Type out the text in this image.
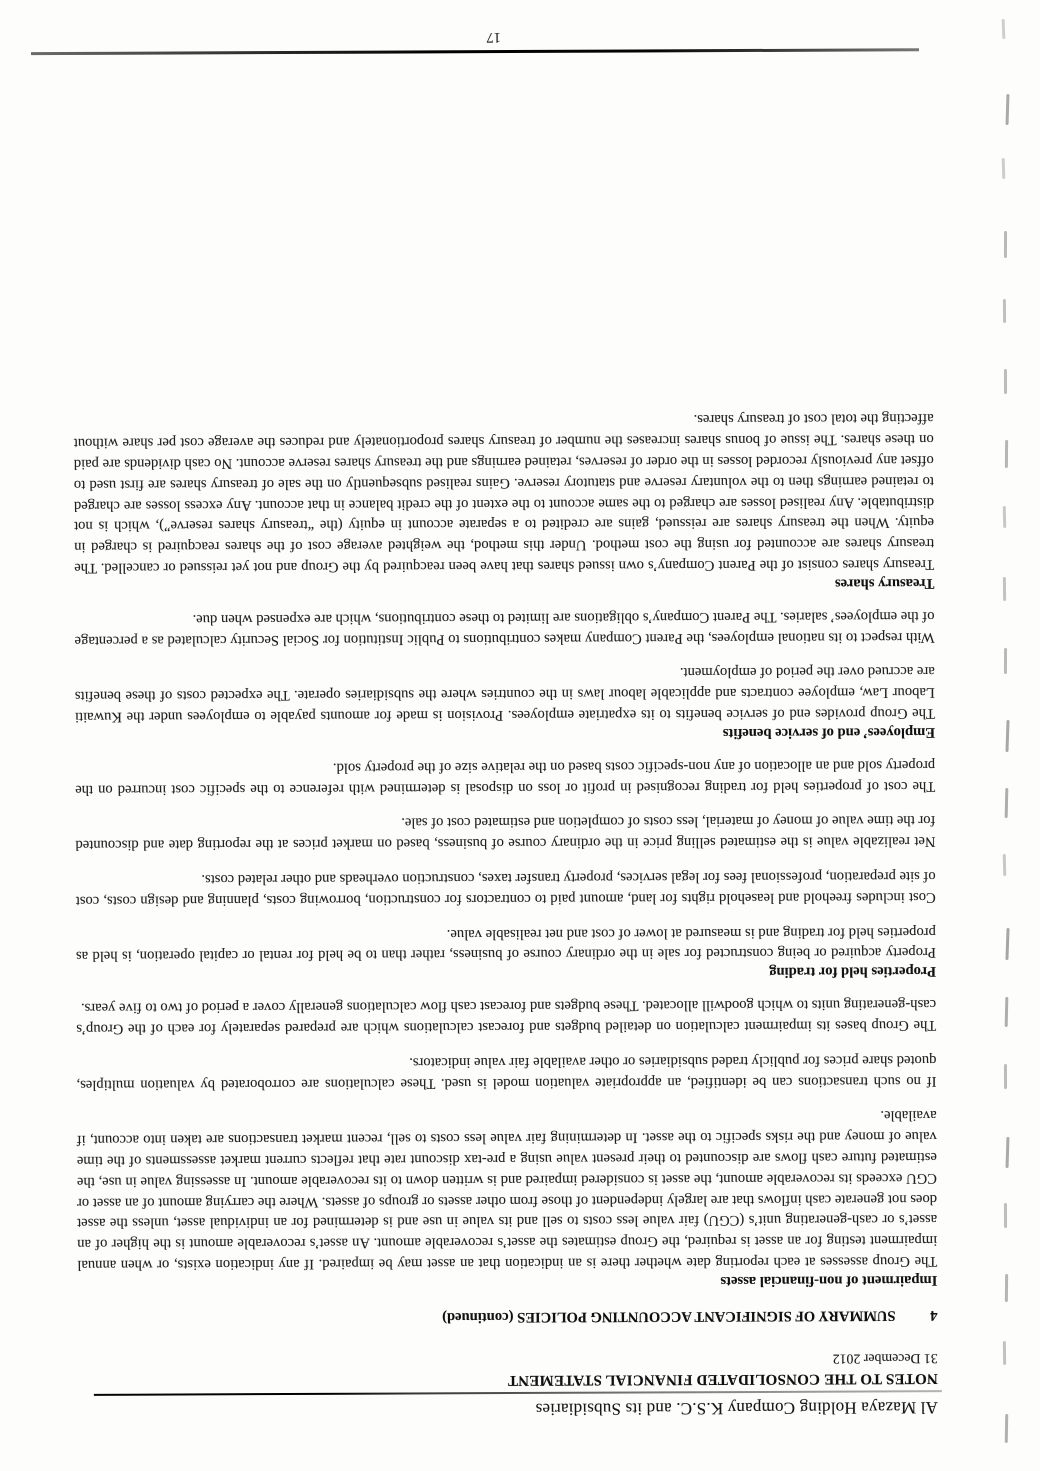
Al Mazaya Holding Company K.S.C. and its Subsidiaries
NOTES TO THE CONSOLIDATED FINANCIAL STATEMENT
31 December 2012
4
SUMMARY OF SIGNIFICANT ACCOUNTING POLICIES (continued)
Impairment of non-financial assets

The Group assesses at each reporting date whether there is an indication that an asset may be impaired. If any indication exists, or when annual impairment testing for an asset is required, the Group estimates the asset’s recoverable amount. An asset’s recoverable amount is the higher of an asset’s or cash-generating unit’s (CGU) fair value less costs to sell and its value in use and is determined for an individual asset, unless the asset does not generate cash inflows that are largely independent of those from other assets or groups of assets. Where the carrying amount of an asset or CGU exceeds its recoverable amount, the asset is considered impaired and is written down to its recoverable amount. In assessing value in use, the estimated future cash flows are discounted to their present value using a pre-tax discount rate that reflects current market assessments of the time value of money and the risks specific to the asset. In determining fair value less costs to sell, recent market transactions are taken into account, if available.

If no such transactions can be identified, an appropriate valuation model is used. These calculations are corroborated by valuation multiples, quoted share prices for publicly traded subsidiaries or other available fair value indicators.

The Group bases its impairment calculation on detailed budgets and forecast calculations which are prepared separately for each of the Group’s cash-generating units to which goodwill allocated. These budgets and forecast cash flow calculations generally cover a period of two to five years.

Properties held for trading

Property acquired or being constructed for sale in the ordinary course of business, rather than to be held for rental or capital operation, is held as properties held for trading and is measured at lower of cost and net realisable value.

Cost includes freehold and leasehold rights for land, amount paid to contractors for construction, borrowing costs, planning and design costs, cost of site preparation, professional fees for legal services, property transfer taxes, construction overheads and other related costs.

Net realizable value is the estimated selling price in the ordinary course of business, based on market prices at the reporting date and discounted for the time value of money of material, less costs of completion and estimated cost of sale.

The cost of properties held for trading recognised in profit or loss on disposal is determined with reference to the specific cost incurred on the property sold and an allocation of any non-specific costs based on the relative size of the property sold.

Employees’ end of service benefits

The Group provides end of service benefits to its expatriate employees. Provision is made for amounts payable to employees under the Kuwaiti Labour Law, employee contracts and applicable labour laws in the countries where the subsidiaries operate. The expected costs of these benefits are accrued over the period of employment.

With respect to its national employees, the Parent Company makes contributions to Public Institution for Social Security calculated as a percentage of the employees’ salaries. The Parent Company’s obligations are limited to these contributions, which are expensed when due.

Treasury shares

Treasury shares consist of the Parent Company’s own issued shares that have been reacquired by the Group and not yet reissued or cancelled. The treasury shares are accounted for using the cost method. Under this method, the weighted average cost of the shares reacquired is charged in equity. When the treasury shares are reissued, gains are credited to a separate account in equity (the “treasury shares reserve”), which is not distributable. Any realised losses are charged to the same account to the extent of the credit balance in that account. Any excess losses are charged to retained earnings then to the voluntary reserve and statutory reserve. Gains realised subsequently on the sale of treasury shares are first used to offset any previously recorded losses in the order of reserves, retained earnings and the treasury shares reserve account. No cash dividends are paid on these shares. The issue of bonus shares increases the number of treasury shares proportionately and reduces the average cost per share without affecting the total cost of treasury shares.

17
